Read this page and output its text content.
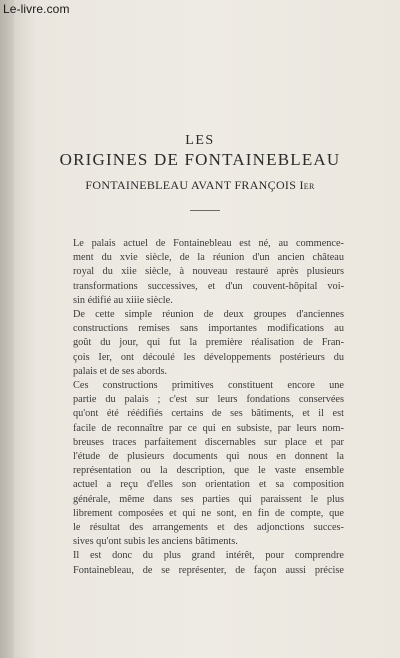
Le-livre.com
LES
ORIGINES DE FONTAINEBLEAU
FONTAINEBLEAU AVANT FRANÇOIS Ier

Le palais actuel de Fontainebleau est né, au commence-
ment du xvie siècle, de la réunion d'un ancien château
royal du xiie siècle, à nouveau restauré après plusieurs
transformations successives, et d'un couvent-hôpital voi-
sin édifié au xiiie siècle.

De cette simple réunion de deux groupes d'anciennes
constructions remises sans importantes modifications au
goût du jour, qui fut la première réalisation de Fran-
çois Ier, ont découlé les développements postérieurs du
palais et de ses abords.

Ces constructions primitives constituent encore une
partie du palais ; c'est sur leurs fondations conservées
qu'ont été réédifiés certains de ses bâtiments, et il est
facile de reconnaître par ce qui en subsiste, par leurs nom-
breuses traces parfaitement discernables sur place et par
l'étude de plusieurs documents qui nous en donnent la
représentation ou la description, que le vaste ensemble
actuel a reçu d'elles son orientation et sa composition
générale, même dans ses parties qui paraissent le plus
librement composées et qui ne sont, en fin de compte, que
le résultat des arrangements et des adjonctions succes-
sives qu'ont subis les anciens bâtiments.

Il est donc du plus grand intérêt, pour comprendre
Fontainebleau, de se représenter, de façon aussi précise
